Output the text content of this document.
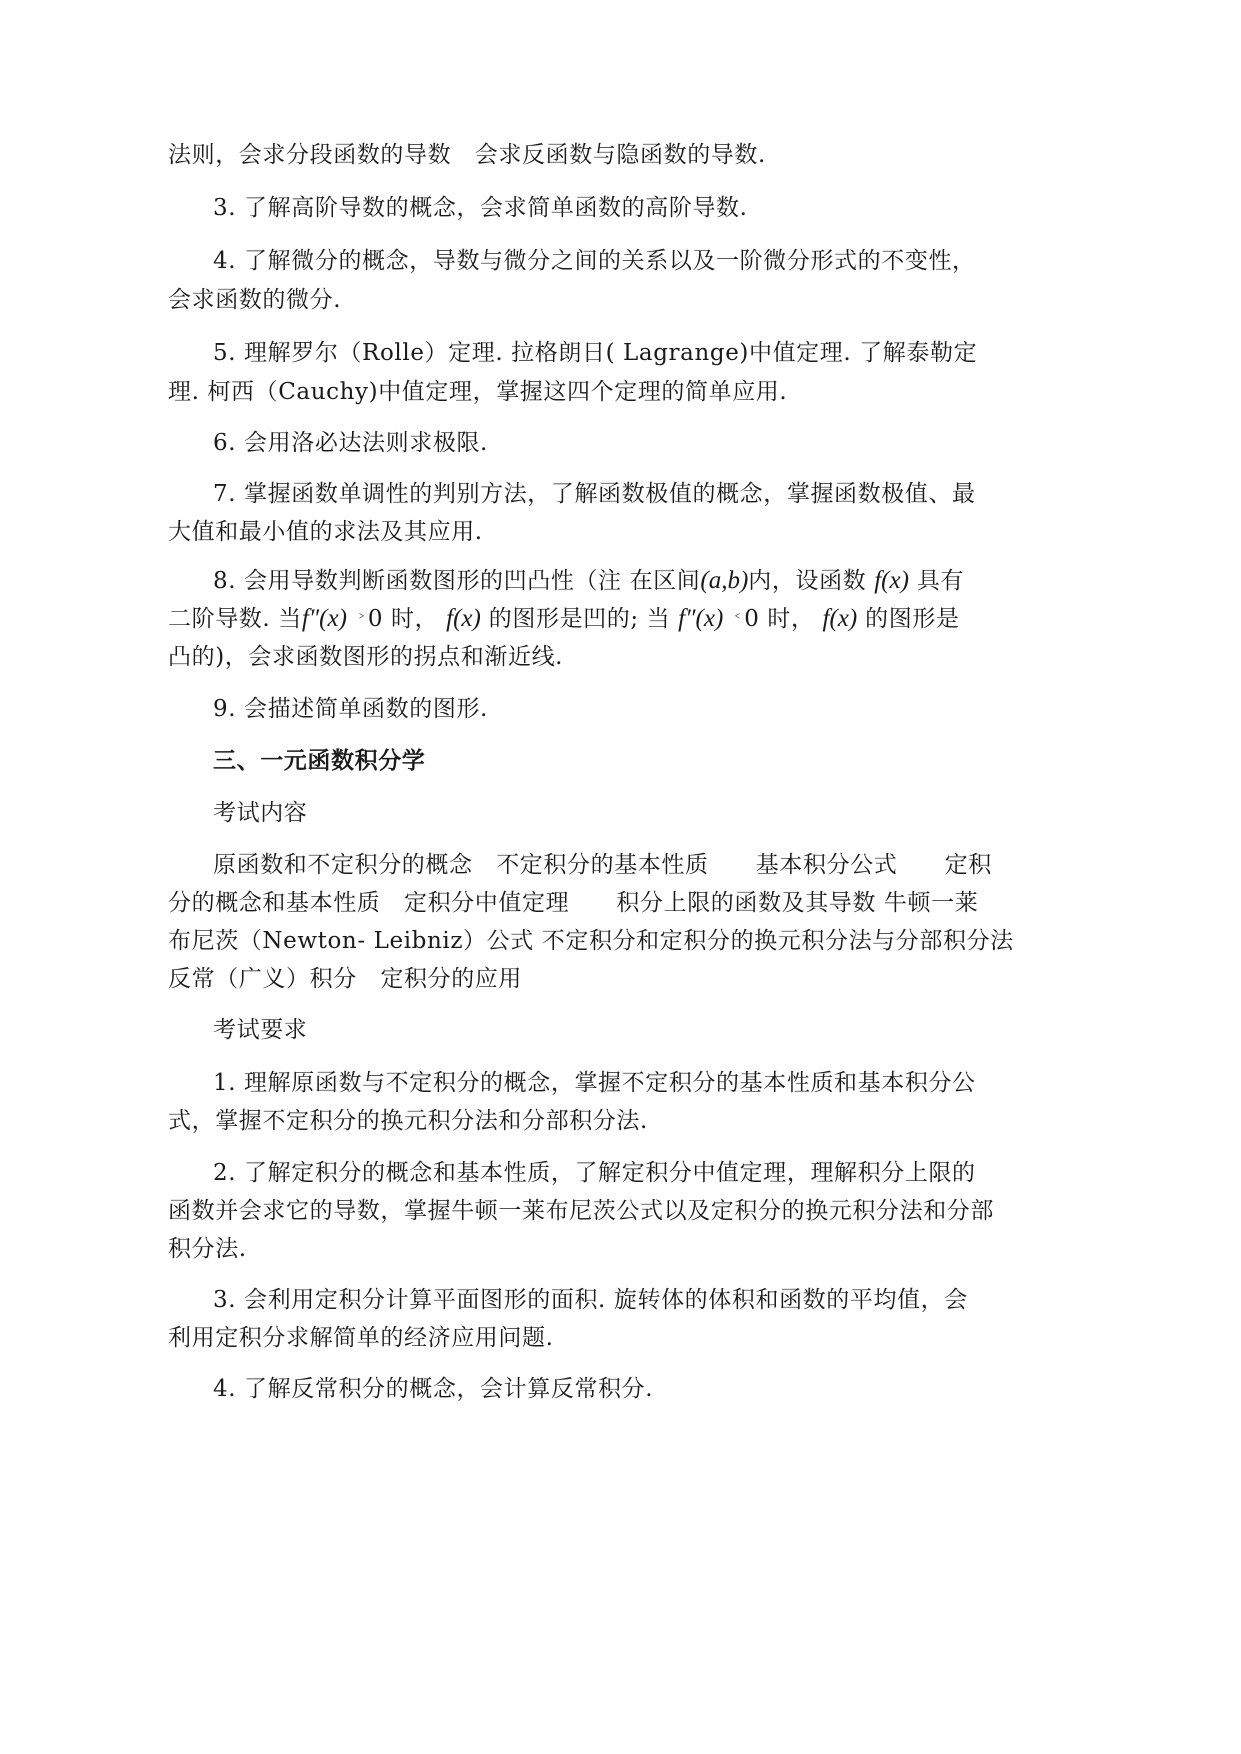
法则，会求分段函数的导数　会求反函数与隐函数的导数.
3. 了解高阶导数的概念，会求简单函数的高阶导数.
4. 了解微分的概念，导数与微分之间的关系以及一阶微分形式的不变性，
会求函数的微分.
5. 理解罗尔（Rolle）定理. 拉格朗日( Lagrange)中值定理. 了解泰勒定
理. 柯西（Cauchy)中值定理，掌握这四个定理的简单应用.
6. 会用洛必达法则求极限.
7. 掌握函数单调性的判别方法，了解函数极值的概念，掌握函数极值、最
大值和最小值的求法及其应用.
8. 会用导数判断函数图形的凹凸性（注 在区间(a,b)内，设函数 f(x) 具有
二阶导数. 当f″(x) ﹥0 时， f(x) 的图形是凹的; 当 f″(x) ﹤0 时， f(x) 的图形是
凸的)，会求函数图形的拐点和渐近线.
9. 会描述简单函数的图形.
三、一元函数积分学
考试内容
原函数和不定积分的概念　不定积分的基本性质　　基本积分公式　　定积
分的概念和基本性质　定积分中值定理　　积分上限的函数及其导数 牛顿一莱
布尼茨（Newton- Leibniz）公式 不定积分和定积分的换元积分法与分部积分法
反常（广义）积分　定积分的应用
考试要求
1. 理解原函数与不定积分的概念，掌握不定积分的基本性质和基本积分公
式，掌握不定积分的换元积分法和分部积分法.
2. 了解定积分的概念和基本性质，了解定积分中值定理，理解积分上限的
函数并会求它的导数，掌握牛顿一莱布尼茨公式以及定积分的换元积分法和分部
积分法.
3. 会利用定积分计算平面图形的面积. 旋转体的体积和函数的平均值，会
利用定积分求解简单的经济应用问题.
4. 了解反常积分的概念，会计算反常积分.
